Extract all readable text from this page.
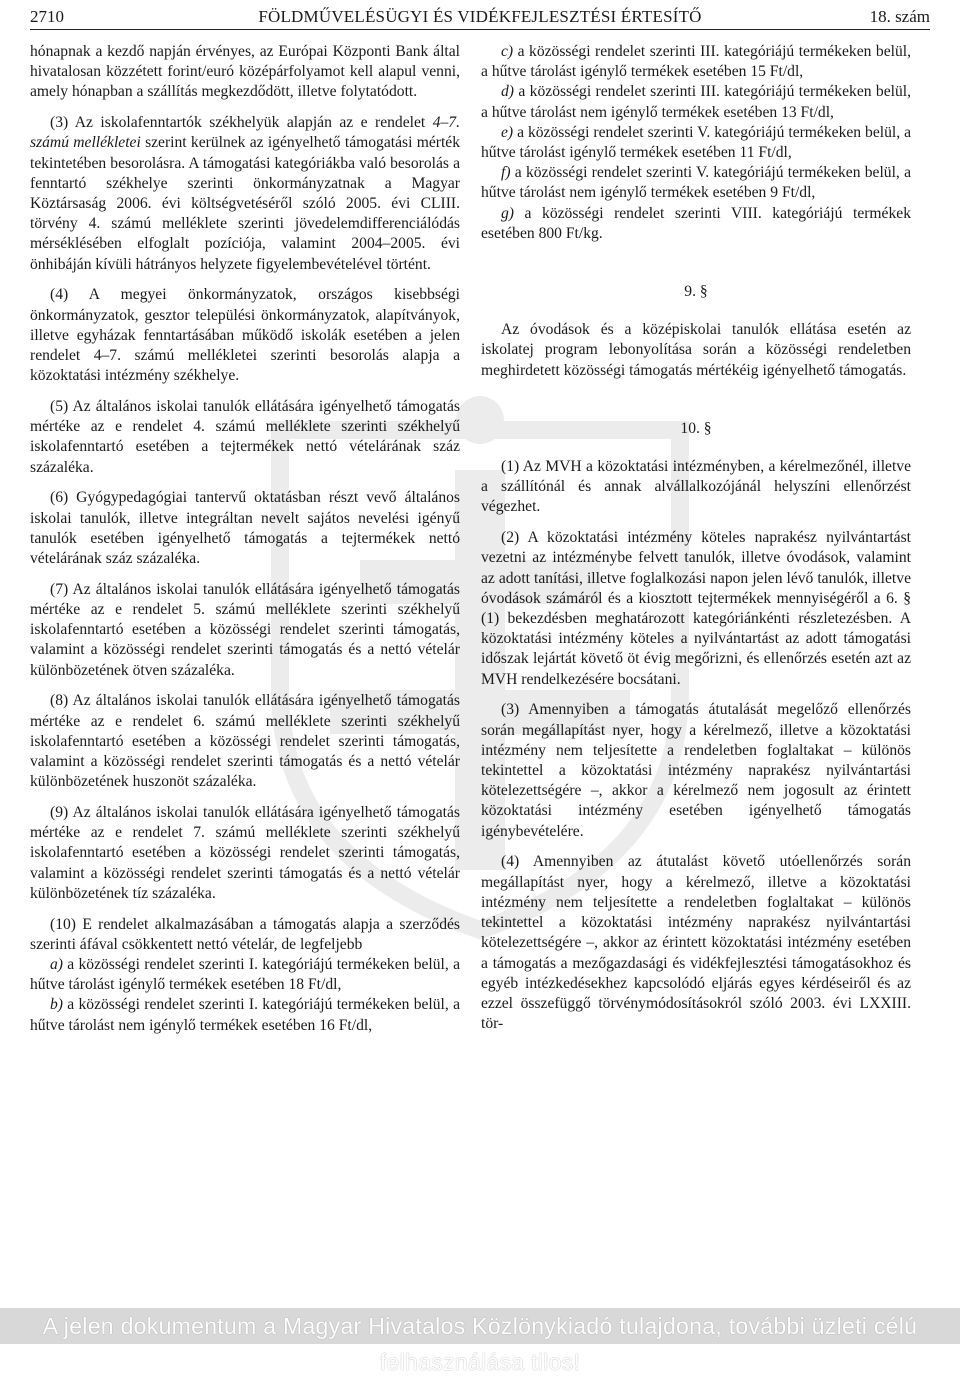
2710	FÖLDMŰVELÉSÜGYI ÉS VIDÉKFEJLESZTÉSI ÉRTESÍTŐ	18. szám

hónapnak a kezdő napján érvényes, az Európai Központi Bank által hivatalosan közzétett forint/euró középárfolyamot kell alapul venni, amely hónapban a szállítás megkezdődött, illetve folytatódott.

(3) Az iskolafenntartók székhelyük alapján az e rendelet 4–7. számú mellékletei szerint kerülnek az igényelhető támogatási mérték tekintetében besorolásra. A támogatási kategóriákba való besorolás a fenntartó székhelye szerinti önkormányzatnak a Magyar Köztársaság 2006. évi költségvetéséről szóló 2005. évi CLIII. törvény 4. számú melléklete szerinti jövedelemdifferenciálódás mérséklésében elfoglalt pozíciója, valamint 2004–2005. évi önhibáján kívüli hátrányos helyzete figyelembevételével történt.

(4) A megyei önkormányzatok, országos kisebbségi önkormányzatok, gesztor települési önkormányzatok, alapítványok, illetve egyházak fenntartásában működő iskolák esetében a jelen rendelet 4–7. számú mellékletei szerinti besorolás alapja a közoktatási intézmény székhelye.

(5) Az általános iskolai tanulók ellátására igényelhető támogatás mértéke az e rendelet 4. számú melléklete szerinti székhelyű iskolafenntartó esetében a tejtermékek nettó vételárának száz százaléka.

(6) Gyógypedagógiai tantervű oktatásban részt vevő általános iskolai tanulók, illetve integráltan nevelt sajátos nevelési igényű tanulók esetében igényelhető támogatás a tejtermékek nettó vételárának száz százaléka.

(7) Az általános iskolai tanulók ellátására igényelhető támogatás mértéke az e rendelet 5. számú melléklete szerinti székhelyű iskolafenntartó esetében a közösségi rendelet szerinti támogatás, valamint a közösségi rendelet szerinti támogatás és a nettó vételár különbözetének ötven százaléka.

(8) Az általános iskolai tanulók ellátására igényelhető támogatás mértéke az e rendelet 6. számú melléklete szerinti székhelyű iskolafenntartó esetében a közösségi rendelet szerinti támogatás, valamint a közösségi rendelet szerinti támogatás és a nettó vételár különbözetének huszonöt százaléka.

(9) Az általános iskolai tanulók ellátására igényelhető támogatás mértéke az e rendelet 7. számú melléklete szerinti székhelyű iskolafenntartó esetében a közösségi rendelet szerinti támogatás, valamint a közösségi rendelet szerinti támogatás és a nettó vételár különbözetének tíz százaléka.

(10) E rendelet alkalmazásában a támogatás alapja a szerződés szerinti áfával csökkentett nettó vételár, de legfeljebb

a) a közösségi rendelet szerinti I. kategóriájú termékeken belül, a hűtve tárolást igénylő termékek esetében 18 Ft/dl,

b) a közösségi rendelet szerinti I. kategóriájú termékeken belül, a hűtve tárolást nem igénylő termékek esetében 16 Ft/dl,

c) a közösségi rendelet szerinti III. kategóriájú termékeken belül, a hűtve tárolást igénylő termékek esetében 15 Ft/dl,

d) a közösségi rendelet szerinti III. kategóriájú termékeken belül, a hűtve tárolást nem igénylő termékek esetében 13 Ft/dl,

e) a közösségi rendelet szerinti V. kategóriájú termékeken belül, a hűtve tárolást igénylő termékek esetében 11 Ft/dl,

f) a közösségi rendelet szerinti V. kategóriájú termékeken belül, a hűtve tárolást nem igénylő termékek esetében 9 Ft/dl,

g) a közösségi rendelet szerinti VIII. kategóriájú termékek esetében 800 Ft/kg.

9. §

Az óvodások és a középiskolai tanulók ellátása esetén az iskolatej program lebonyolítása során a közösségi rendeletben meghirdetett közösségi támogatás mértékéig igényelhető támogatás.

10. §

(1) Az MVH a közoktatási intézményben, a kérelmezőnél, illetve a szállítónál és annak alvállalkozójánál helyszíni ellenőrzést végezhet.

(2) A közoktatási intézmény köteles naprakész nyilvántartást vezetni az intézménybe felvett tanulók, illetve óvodások, valamint az adott tanítási, illetve foglalkozási napon jelen lévő tanulók, illetve óvodások számáról és a kiosztott tejtermékek mennyiségéről a 6. § (1) bekezdésben meghatározott kategóriánkénti részletezésben. A közoktatási intézmény köteles a nyilvántartást az adott támogatási időszak lejártát követő öt évig megőrizni, és ellenőrzés esetén azt az MVH rendelkezésére bocsátani.

(3) Amennyiben a támogatás átutalását megelőző ellenőrzés során megállapítást nyer, hogy a kérelmező, illetve a közoktatási intézmény nem teljesítette a rendeletben foglaltakat – különös tekintettel a közoktatási intézmény naprakész nyilvántartási kötelezettségére –, akkor a kérelmező nem jogosult az érintett közoktatási intézmény esetében igényelhető támogatás igénybevételére.

(4) Amennyiben az átutalást követő utóellenőrzés során megállapítást nyer, hogy a kérelmező, illetve a közoktatási intézmény nem teljesítette a rendeletben foglaltakat – különös tekintettel a közoktatási intézmény naprakész nyilvántartási kötelezettségére –, akkor az érintett közoktatási intézmény esetében a támogatás a mezőgazdasági és vidékfejlesztési támogatásokhoz és egyéb intézkedésekhez kapcsolódó eljárás egyes kérdéseiről és az ezzel összefüggő törvénymódosításokról szóló 2003. évi LXXIII. tör-

A jelen dokumentum a Magyar Hivatalos Közlönykiadó tulajdona, további üzleti célú felhasználása tilos!
